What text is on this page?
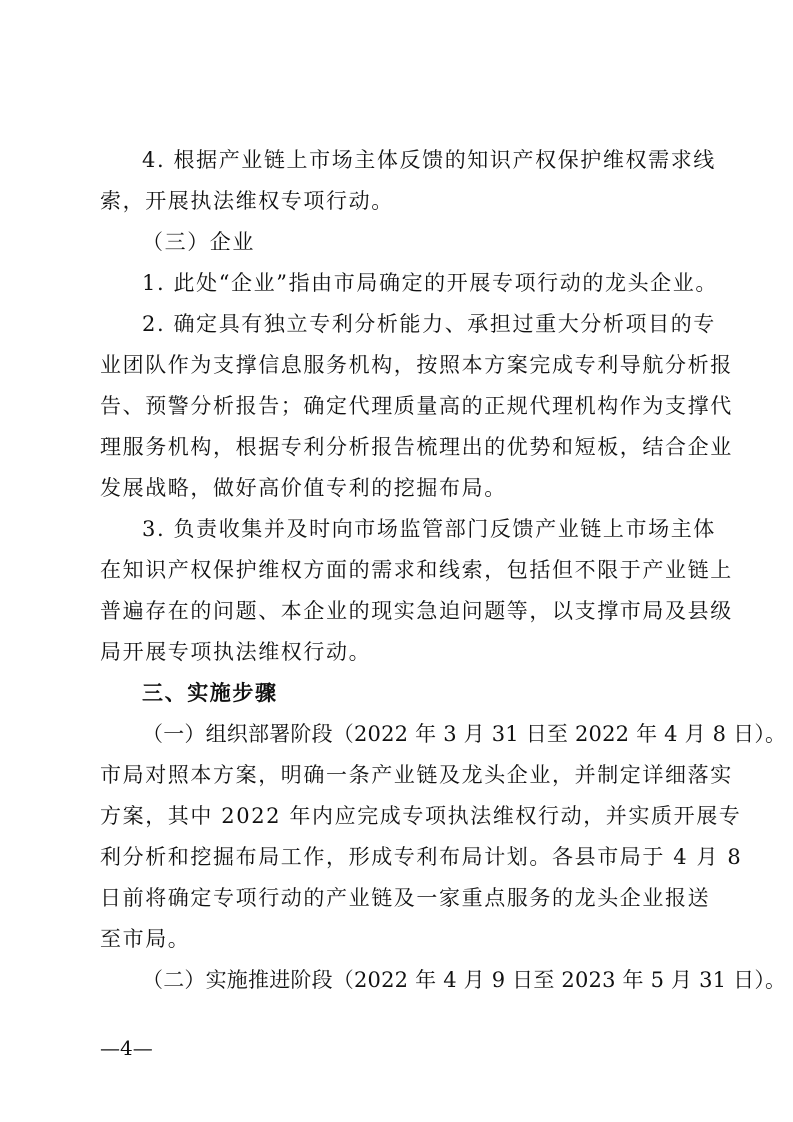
4. 根据产业链上市场主体反馈的知识产权保护维权需求线
索，开展执法维权专项行动。
（三）企业
1. 此处“企业”指由市局确定的开展专项行动的龙头企业。
2. 确定具有独立专利分析能力、承担过重大分析项目的专
业团队作为支撑信息服务机构，按照本方案完成专利导航分析报
告、预警分析报告；确定代理质量高的正规代理机构作为支撑代
理服务机构，根据专利分析报告梳理出的优势和短板，结合企业
发展战略，做好高价值专利的挖掘布局。
3. 负责收集并及时向市场监管部门反馈产业链上市场主体
在知识产权保护维权方面的需求和线索，包括但不限于产业链上
普遍存在的问题、本企业的现实急迫问题等，以支撑市局及县级
局开展专项执法维权行动。
三、实施步骤
（一）组织部署阶段（2022 年 3 月 31 日至 2022 年 4 月 8 日）。
市局对照本方案，明确一条产业链及龙头企业，并制定详细落实
方案，其中 2022 年内应完成专项执法维权行动，并实质开展专
利分析和挖掘布局工作，形成专利布局计划。各县市局于 4 月 8
日前将确定专项行动的产业链及一家重点服务的龙头企业报送
至市局。
（二）实施推进阶段（2022 年 4 月 9 日至 2023 年 5 月 31 日）。
—4—
